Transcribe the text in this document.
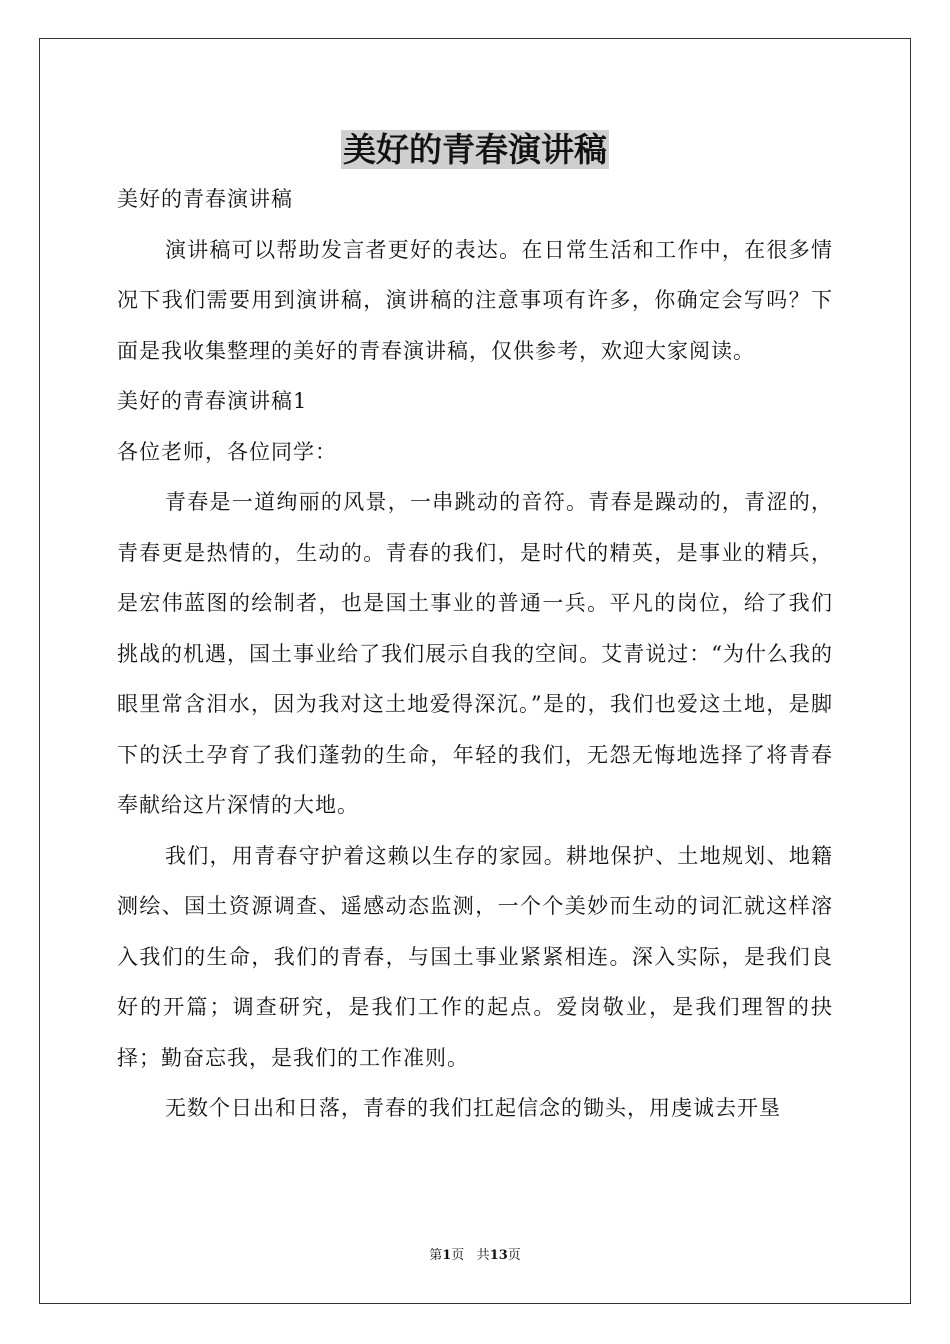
美好的青春演讲稿

美好的青春演讲稿

演讲稿可以帮助发言者更好的表达。在日常生活和工作中，在很多情况下我们需要用到演讲稿，演讲稿的注意事项有许多，你确定会写吗？下面是我收集整理的美好的青春演讲稿，仅供参考，欢迎大家阅读。

美好的青春演讲稿1

各位老师，各位同学：

青春是一道绚丽的风景，一串跳动的音符。青春是躁动的，青涩的，青春更是热情的，生动的。青春的我们，是时代的精英，是事业的精兵，是宏伟蓝图的绘制者，也是国土事业的普通一兵。平凡的岗位，给了我们挑战的机遇，国土事业给了我们展示自我的空间。艾青说过：“为什么我的眼里常含泪水，因为我对这土地爱得深沉。”是的，我们也爱这土地，是脚下的沃土孕育了我们蓬勃的生命，年轻的我们，无怨无悔地选择了将青春奉献给这片深情的大地。

我们，用青春守护着这赖以生存的家园。耕地保护、土地规划、地籍测绘、国土资源调查、遥感动态监测，一个个美妙而生动的词汇就这样溶入我们的生命，我们的青春，与国土事业紧紧相连。深入实际，是我们良好的开篇；调查研究，是我们工作的起点。爱岗敬业，是我们理智的抉择；勤奋忘我，是我们的工作准则。

无数个日出和日落，青春的我们扛起信念的锄头，用虔诚去开垦

第1页 共13页
